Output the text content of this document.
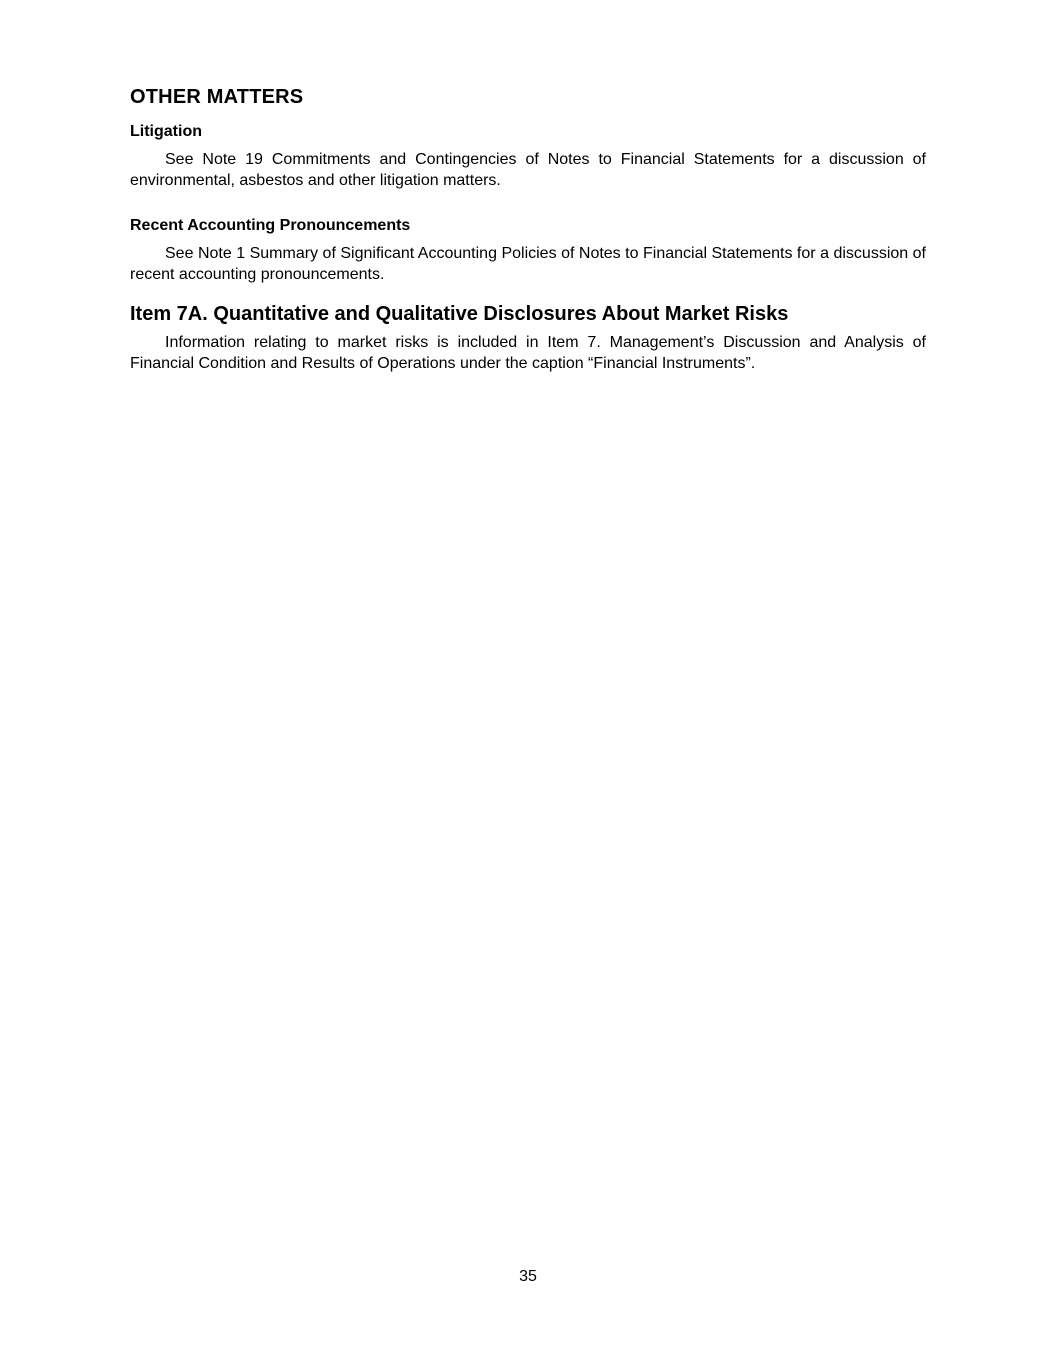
OTHER MATTERS
Litigation

See Note 19 Commitments and Contingencies of Notes to Financial Statements for a discussion of environmental, asbestos and other litigation matters.

Recent Accounting Pronouncements

See Note 1 Summary of Significant Accounting Policies of Notes to Financial Statements for a discussion of recent accounting pronouncements.

Item 7A. Quantitative and Qualitative Disclosures About Market Risks

Information relating to market risks is included in Item 7. Management’s Discussion and Analysis of Financial Condition and Results of Operations under the caption “Financial Instruments”.

35
